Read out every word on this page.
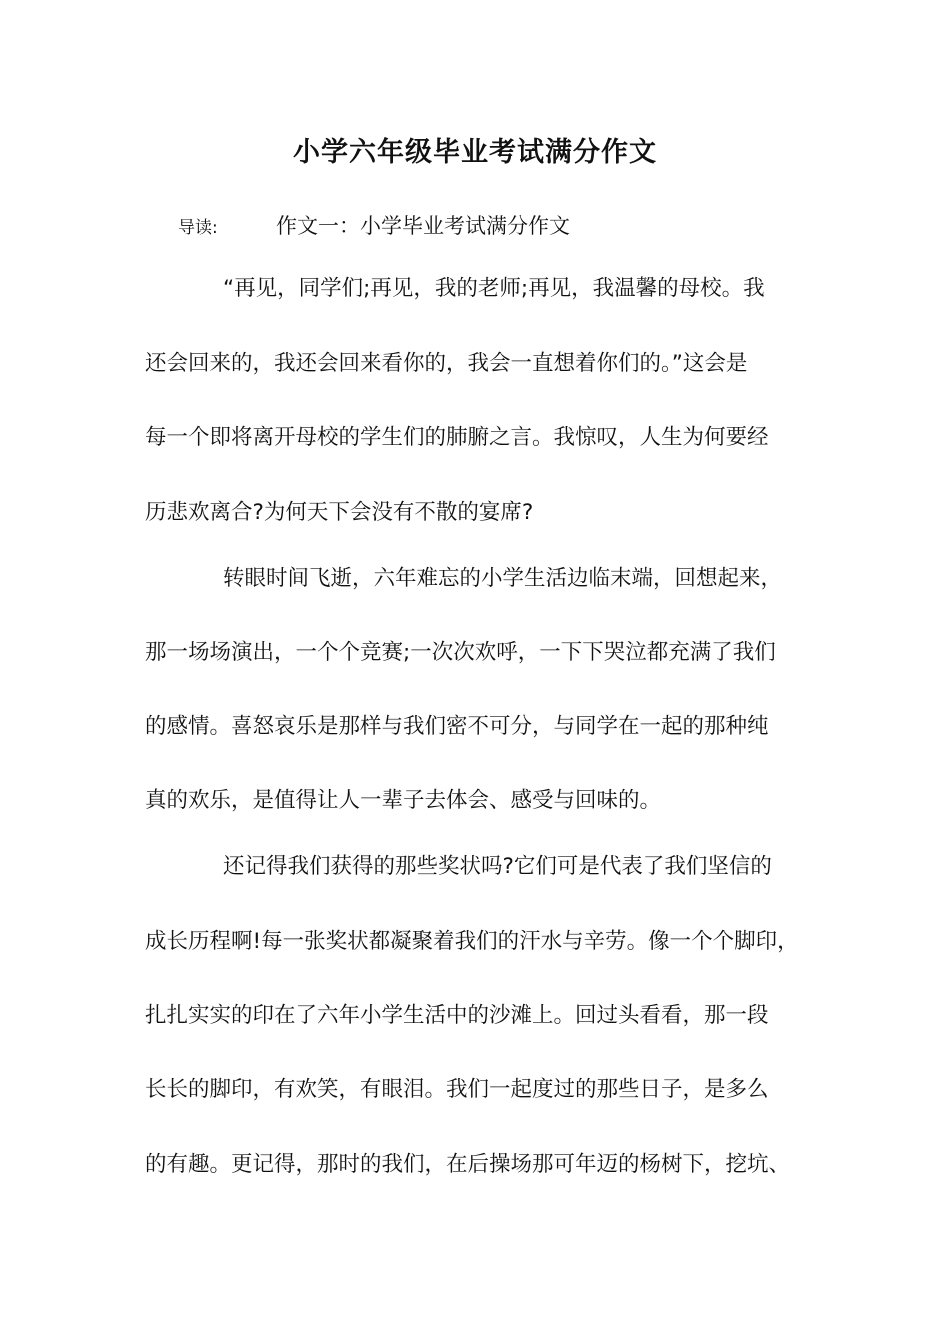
小学六年级毕业考试满分作文
导读:	作文一：小学毕业考试满分作文
“再见，同学们;再见，我的老师;再见，我温馨的母校。我
还会回来的，我还会回来看你的，我会一直想着你们的。”这会是
每一个即将离开母校的学生们的肺腑之言。我惊叹，人生为何要经
历悲欢离合?为何天下会没有不散的宴席?
转眼时间飞逝，六年难忘的小学生活边临末端，回想起来，
那一场场演出，一个个竞赛;一次次欢呼，一下下哭泣都充满了我们
的感情。喜怒哀乐是那样与我们密不可分，与同学在一起的那种纯
真的欢乐，是值得让人一辈子去体会、感受与回味的。
还记得我们获得的那些奖状吗?它们可是代表了我们坚信的
成长历程啊!每一张奖状都凝聚着我们的汗水与辛劳。像一个个脚印，
扎扎实实的印在了六年小学生活中的沙滩上。回过头看看，那一段
长长的脚印，有欢笑，有眼泪。我们一起度过的那些日子，是多么
的有趣。更记得，那时的我们，在后操场那可年迈的杨树下，挖坑、
